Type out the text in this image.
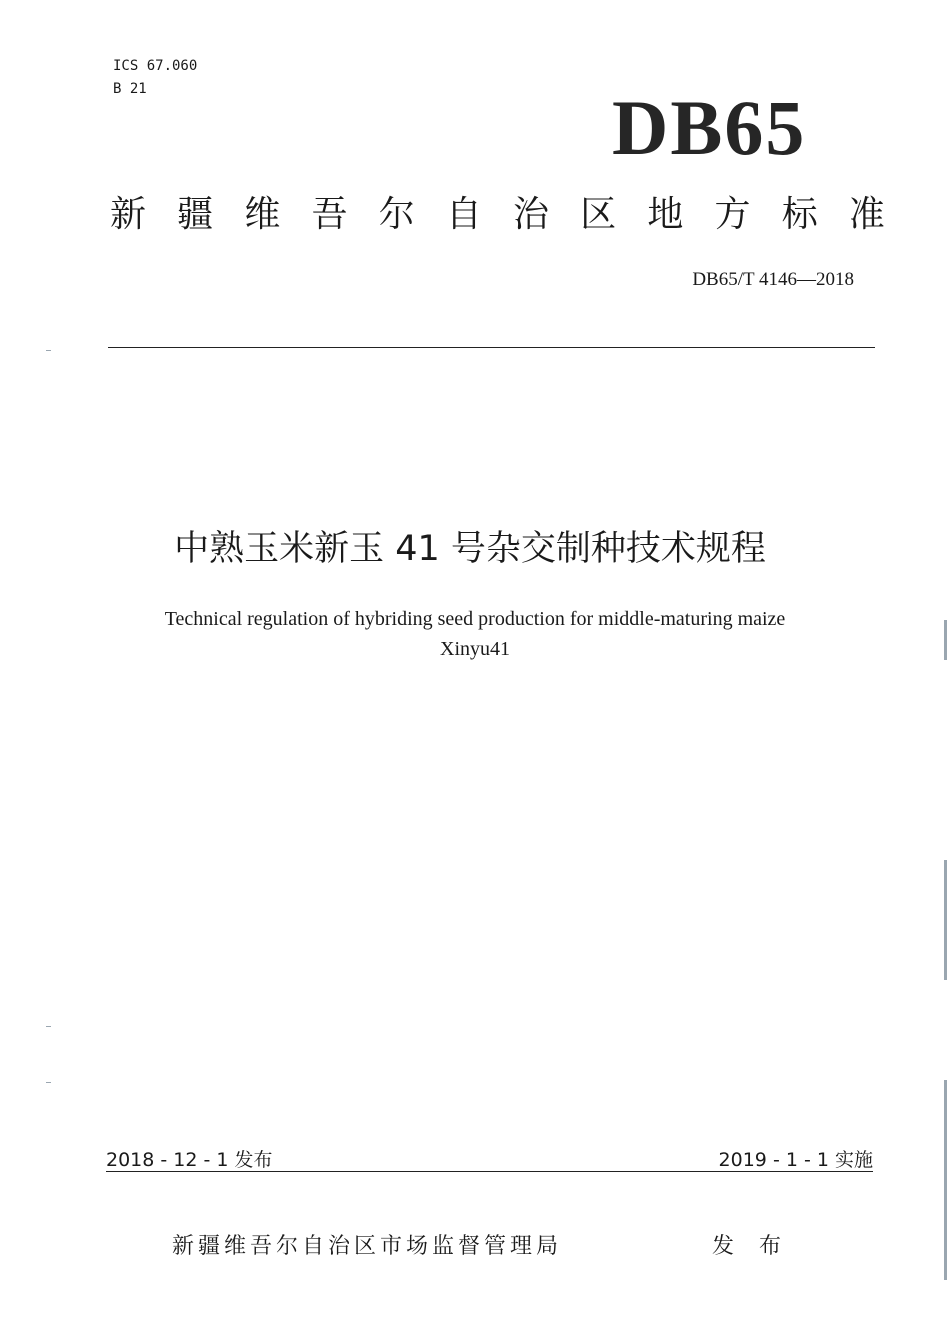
ICS 67.060
B 21	DB65
新 疆 维 吾 尔 自 治 区 地 方 标 准
DB65/T 4146—2018
中熟玉米新玉 41 号杂交制种技术规程
Technical regulation of hybriding seed production for middle-maturing maize
Xinyu41
2018 - 12 - 1 发布	2019 - 1 - 1 实施
新疆维吾尔自治区市场监督管理局	发 布
